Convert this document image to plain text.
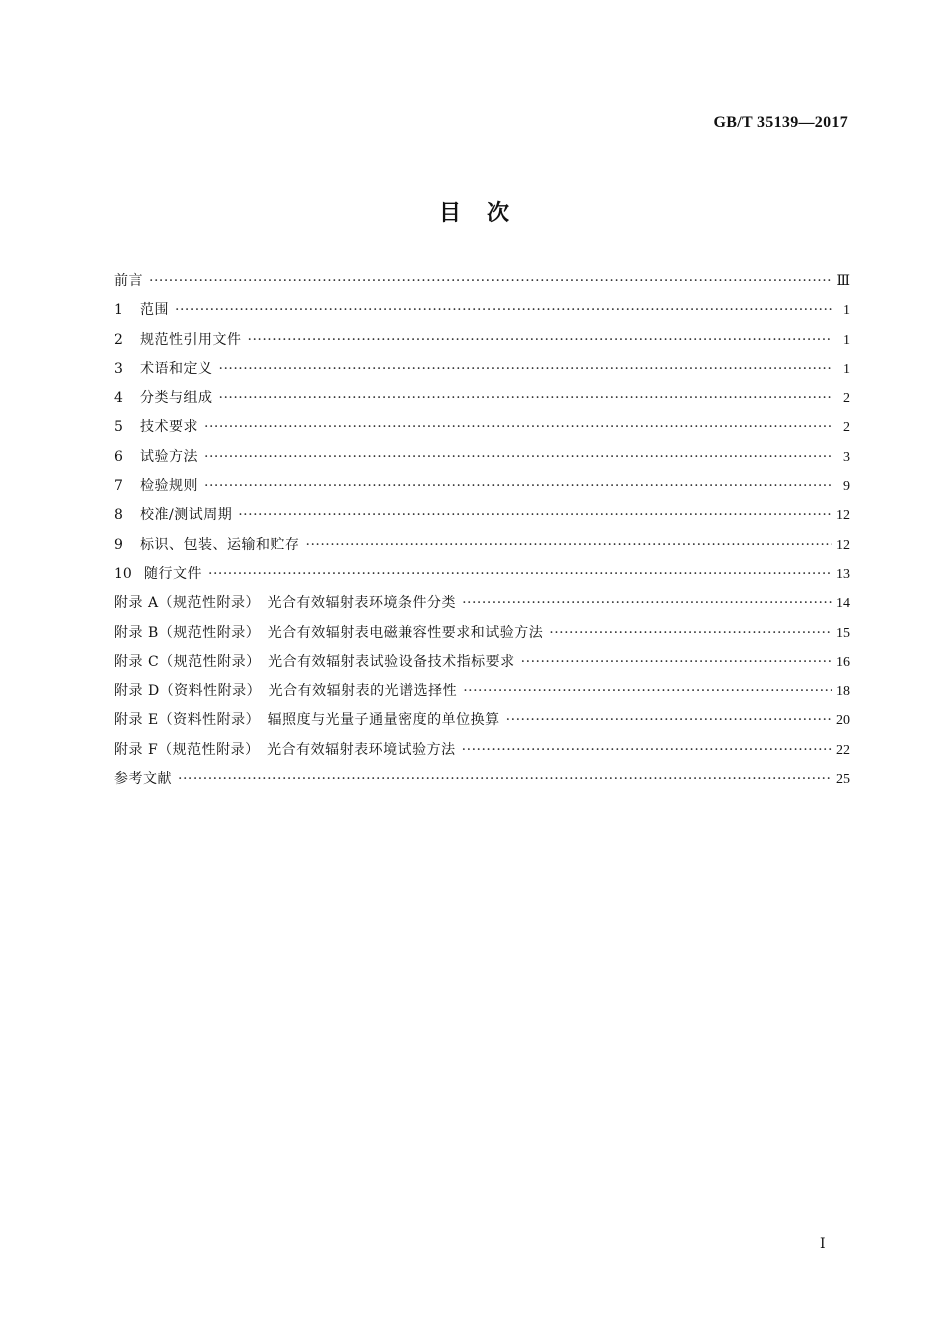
GB/T 35139—2017
目　次
前言 ·····	Ⅲ
1	范围 ·····	1
2	规范性引用文件 ·····	1
3	术语和定义 ·····	1
4	分类与组成 ·····	2
5	技术要求 ·····	2
6	试验方法 ·····	3
7	检验规则 ·····	9
8	校准/测试周期 ·····	12
9	标识、包装、运输和贮存 ·····	12
10 随行文件 ·····	13
附录 A（规范性附录）　光合有效辐射表环境条件分类 ·····	14
附录 B（规范性附录）　光合有效辐射表电磁兼容性要求和试验方法 ·····	15
附录 C（规范性附录）　光合有效辐射表试验设备技术指标要求 ·····	16
附录 D（资料性附录）　光合有效辐射表的光谱选择性 ·····	18
附录 E（资料性附录）　辐照度与光量子通量密度的单位换算 ·····	20
附录 F（规范性附录）　光合有效辐射表环境试验方法 ·····	22
参考文献 ·····	25
Ⅰ
